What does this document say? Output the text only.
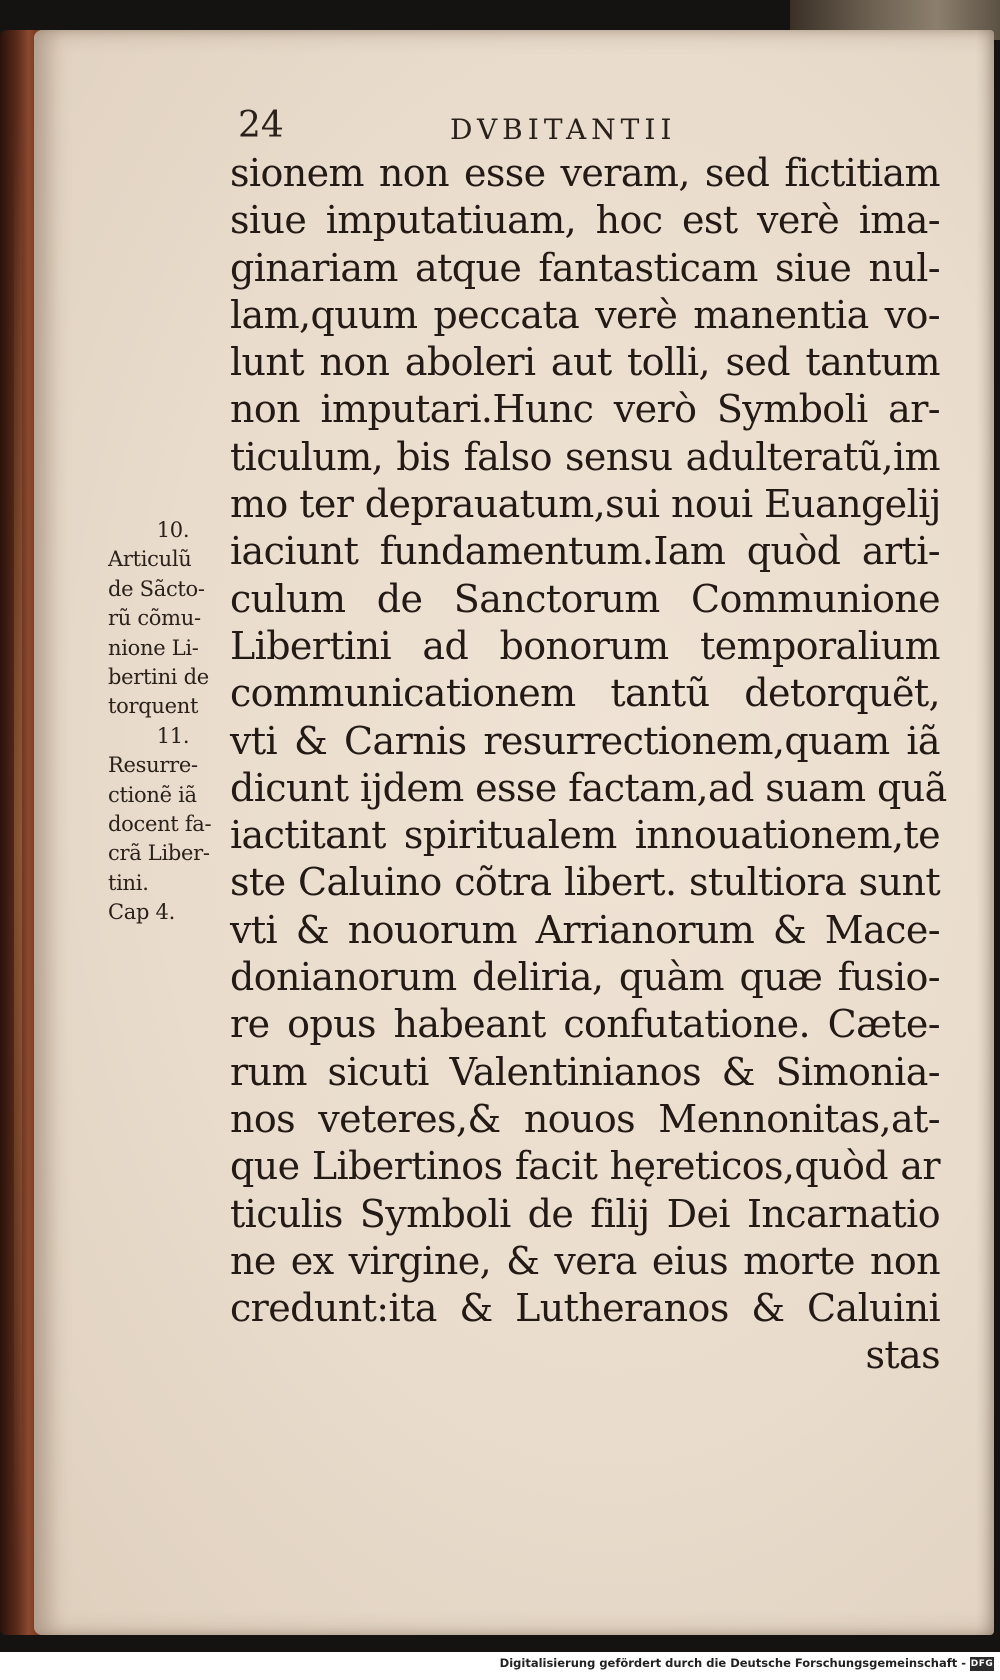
24	DVBITANTII
sionem non esse veram, sed fictitiam
siue imputatiuam, hoc est verè ima-
ginariam atque fantasticam siue nul-
lam,quum peccata verè manentia vo-
lunt non aboleri aut tolli, sed tantum
non imputari.Hunc verò Symboli ar-
ticulum, bis falso sensu adulteratũ,im
mo ter deprauatum,sui noui Euangelij
iaciunt fundamentum.Iam quòd arti-
culum de Sanctorum Communione
Libertini ad bonorum temporalium
communicationem tantũ detorquẽt,
vti & Carnis resurrectionem,quam iã
dicunt ijdem esse factam,ad suam quã
iactitant spiritualem innouationem,te
ste Caluino cõtra libert. stultiora sunt
vti & nouorum Arrianorum & Mace-
donianorum deliria, quàm quæ fusio-
re opus habeant confutatione. Cæte-
rum sicuti Valentinianos & Simonia-
nos veteres,& nouos Mennonitas,at-
que Libertinos facit hęreticos,quòd ar
ticulis Symboli de filij Dei Incarnatio
ne ex virgine, & vera eius morte non
credunt:ita & Lutheranos & Caluini
stas
10.
Articulũ
de Sãcto-
rũ cõmu-
nione Li-
bertini de
torquent
11.
Resurre-
ctionẽ iã
docent fa-
crã Liber-
tini.
Cap 4.
Digitalisierung gefördert durch die Deutsche Forschungsgemeinschaft - DFG
